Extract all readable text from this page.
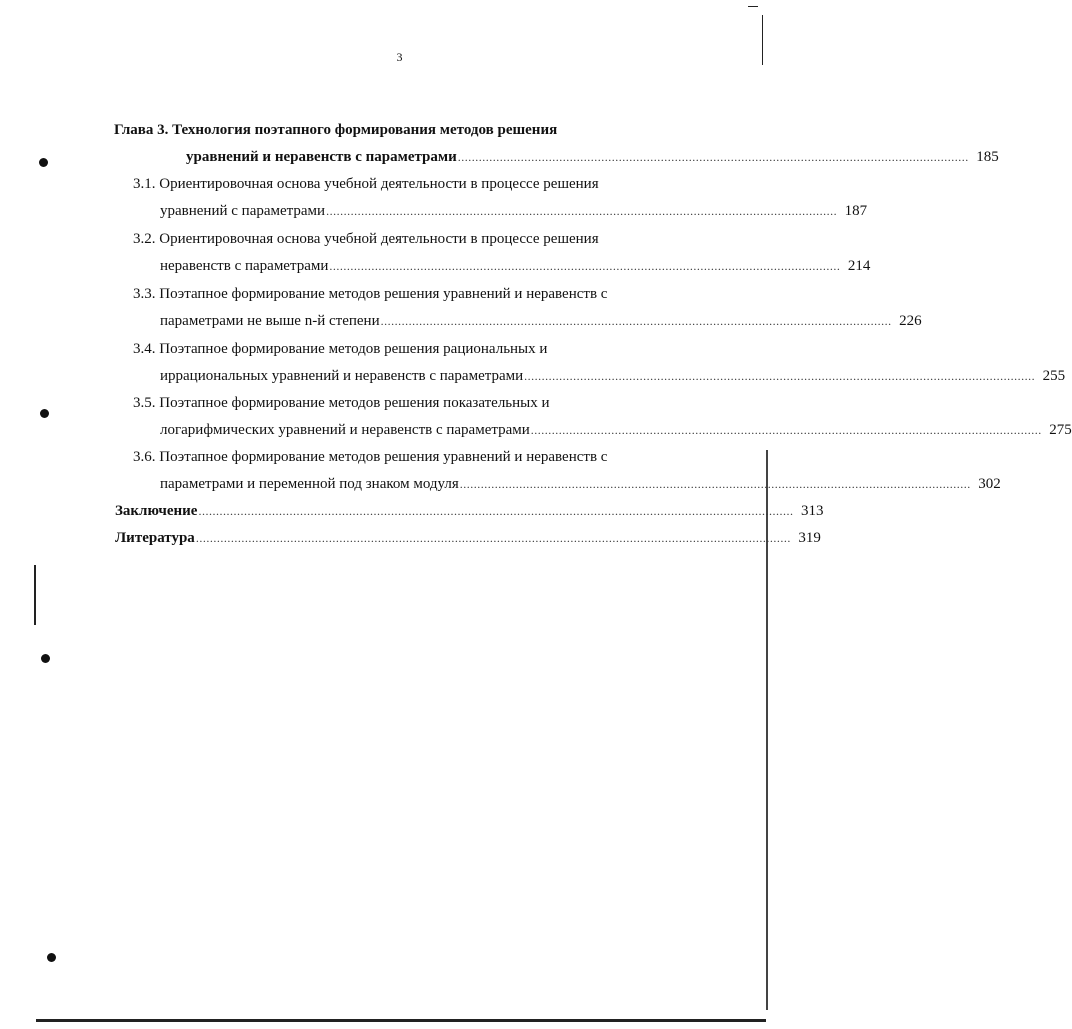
3
Глава 3. Технология поэтапного формирования методов решения
уравнений и неравенств с параметрами .................................................................................................................................................. 185
3.1. Ориентировочная основа учебной деятельности в процессе решения
уравнений с параметрами .................................................................................................................................................. 187
3.2. Ориентировочная основа учебной деятельности в процессе решения
неравенств с параметрами .................................................................................................................................................. 214
3.3. Поэтапное формирование методов решения уравнений и неравенств с
параметрами не выше n-й степени .................................................................................................................................................. 226
3.4. Поэтапное формирование методов решения рациональных и
иррациональных уравнений и неравенств с параметрами .................................................................................................................................................. 255
3.5. Поэтапное формирование методов решения показательных и
логарифмических уравнений и неравенств с параметрами .................................................................................................................................................. 275
3.6. Поэтапное формирование методов решения уравнений и неравенств с
параметрами и переменной под знаком модуля .................................................................................................................................................. 302
Заключение .......................................................................................................................................................................... 313
Литература .......................................................................................................................................................................... 319
